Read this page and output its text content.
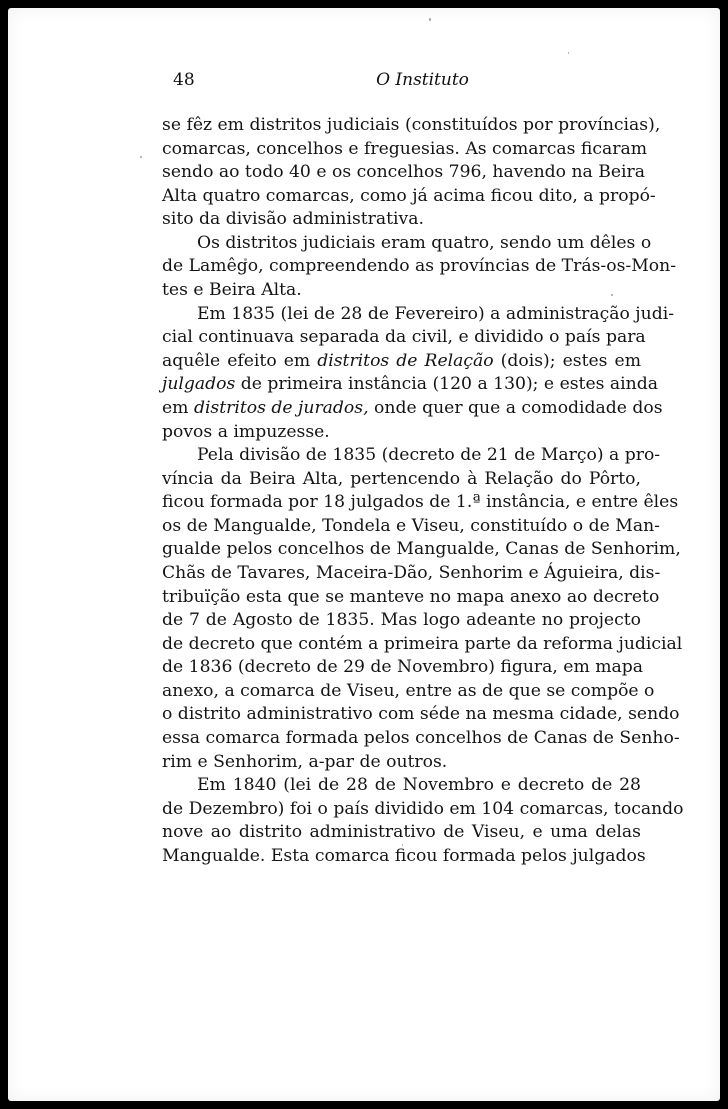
48	O Instituto
se fêz em distritos judiciais (constituídos por províncias),
comarcas, concelhos e freguesias. As comarcas ficaram
sendo ao todo 40 e os concelhos 796, havendo na Beira
Alta quatro comarcas, como já acima ficou dito, a propó-
sito da divisão administrativa.
Os distritos judiciais eram quatro, sendo um dêles o
de Lamêgo, compreendendo as províncias de Trás-os-Mon-
tes e Beira Alta.
Em 1835 (lei de 28 de Fevereiro) a administração judi-
cial continuava separada da civil, e dividido o país para
aquêle efeito em distritos de Relação (dois); estes em
julgados de primeira instância (120 a 130); e estes ainda
em distritos de jurados, onde quer que a comodidade dos
povos a impuzesse.
Pela divisão de 1835 (decreto de 21 de Março) a pro-
víncia da Beira Alta, pertencendo à Relação do Pôrto,
ficou formada por 18 julgados de 1.ª instância, e entre êles
os de Mangualde, Tondela e Viseu, constituído o de Man-
gualde pelos concelhos de Mangualde, Canas de Senhorim,
Chãs de Tavares, Maceira-Dão, Senhorim e Águieira, dis-
tribuïção esta que se manteve no mapa anexo ao decreto
de 7 de Agosto de 1835. Mas logo adeante no projecto
de decreto que contém a primeira parte da reforma judicial
de 1836 (decreto de 29 de Novembro) figura, em mapa
anexo, a comarca de Viseu, entre as de que se compõe o
o distrito administrativo com séde na mesma cidade, sendo
essa comarca formada pelos concelhos de Canas de Senho-
rim e Senhorim, a-par de outros.
Em 1840 (lei de 28 de Novembro e decreto de 28
de Dezembro) foi o país dividido em 104 comarcas, tocando
nove ao distrito administrativo de Viseu, e uma delas
Mangualde. Esta comarca ficou formada pelos julgados
